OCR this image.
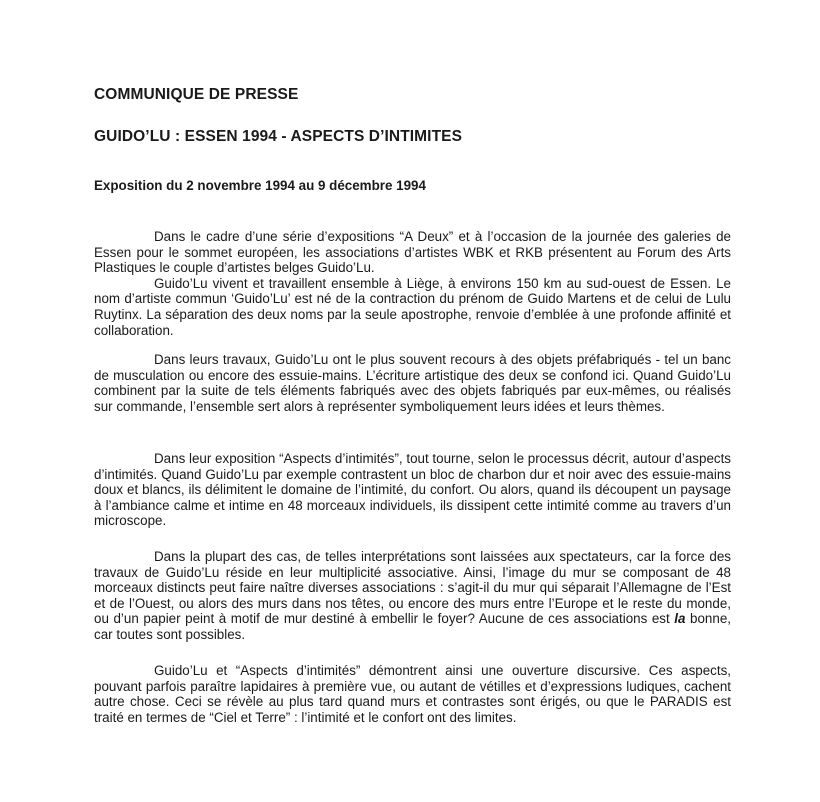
COMMUNIQUE DE PRESSE
GUIDO’LU : ESSEN 1994 - ASPECTS D’INTIMITES
Exposition du 2 novembre 1994 au 9 décembre 1994

Dans le cadre d’une série d’expositions “A Deux” et à l’occasion de la journée des galeries de Essen pour le sommet européen, les associations d’artistes WBK et RKB présentent au Forum des Arts Plastiques le couple d’artistes belges Guido’Lu.

Guido’Lu vivent et travaillent ensemble à Liège, à environs 150 km au sud-ouest de Essen. Le nom d’artiste commun ‘Guido’Lu’ est né de la contraction du prénom de Guido Martens et de celui de Lulu Ruytinx. La séparation des deux noms par la seule apostrophe, renvoie d’emblée à une profonde affinité et collaboration.

Dans leurs travaux, Guido’Lu ont le plus souvent recours à des objets préfabriqués - tel un banc de musculation ou encore des essuie-mains. L’écriture artistique des deux se confond ici. Quand Guido’Lu combinent par la suite de tels éléments fabriqués avec des objets fabriqués par eux-mêmes, ou réalisés sur commande, l’ensemble sert alors à représenter symboliquement leurs idées et leurs thèmes.

Dans leur exposition “Aspects d’intimités”, tout tourne, selon le processus décrit, autour d’aspects d’intimités. Quand Guido’Lu par exemple contrastent un bloc de charbon dur et noir avec des essuie-mains doux et blancs, ils délimitent le domaine de l’intimité, du confort. Ou alors, quand ils découpent un paysage à l’ambiance calme et intime en 48 morceaux individuels, ils dissipent cette intimité comme au travers d’un microscope.

Dans la plupart des cas, de telles interprétations sont laissées aux spectateurs, car la force des travaux de Guido’Lu réside en leur multiplicité associative. Ainsi, l’image du mur se composant de 48 morceaux distincts peut faire naître diverses associations : s’agit-il du mur qui séparait l’Allemagne de l’Est et de l’Ouest, ou alors des murs dans nos têtes, ou encore des murs entre l’Europe et le reste du monde, ou d’un papier peint à motif de mur destiné à embellir le foyer? Aucune de ces associations est la bonne, car toutes sont possibles.

Guido’Lu et “Aspects d’intimités” démontrent ainsi une ouverture discursive. Ces aspects, pouvant parfois paraître lapidaires à première vue, ou autant de vétilles et d’expressions ludiques, cachent autre chose. Ceci se révèle au plus tard quand murs et contrastes sont érigés, ou que le PARADIS est traité en termes de “Ciel et Terre” : l’intimité et le confort ont des limites.
